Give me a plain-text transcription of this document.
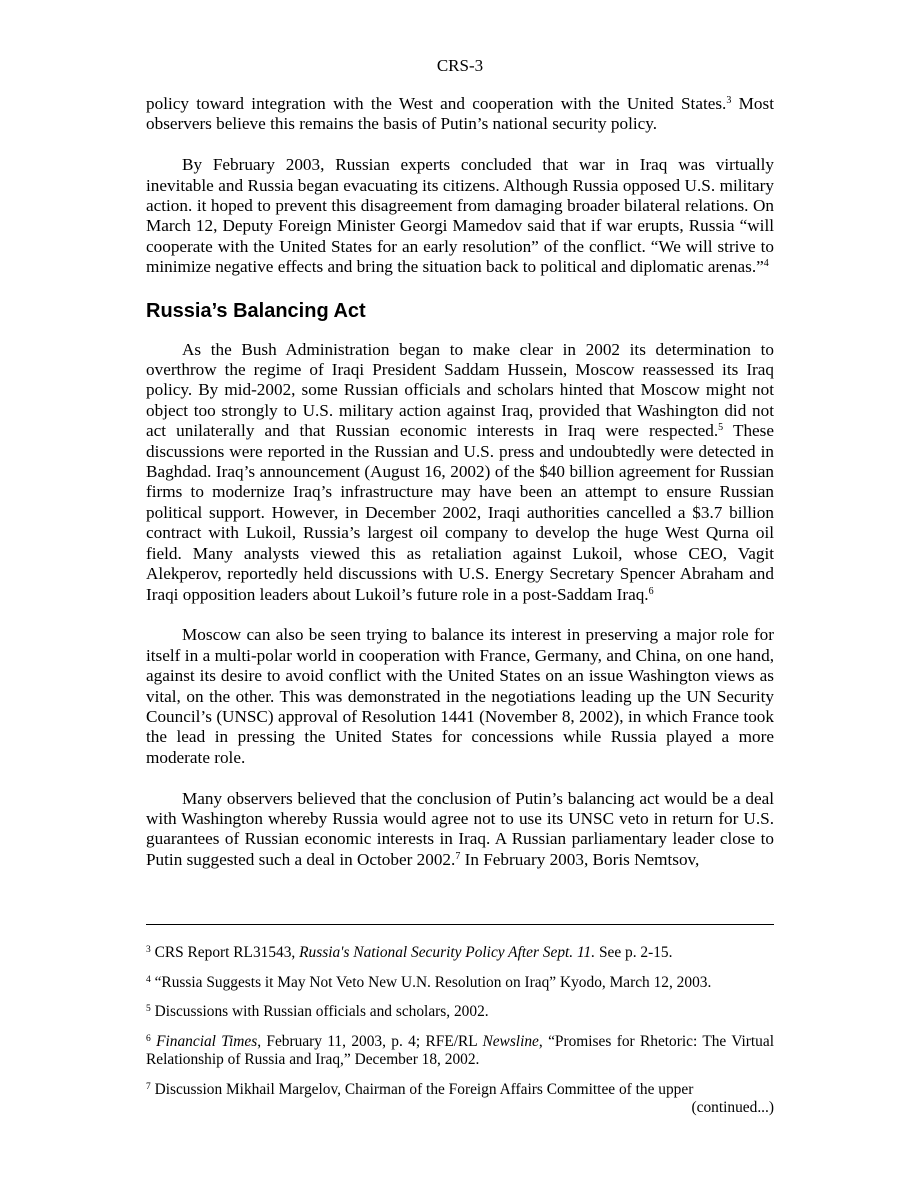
CRS-3

policy toward integration with the West and cooperation with the United States.$^3$ Most observers believe this remains the basis of Putin’s national security policy.

By February 2003, Russian experts concluded that war in Iraq was virtually inevitable and Russia began evacuating its citizens. Although Russia opposed U.S. military action. it hoped to prevent this disagreement from damaging broader bilateral relations. On March 12, Deputy Foreign Minister Georgi Mamedov said that if war erupts, Russia “will cooperate with the United States for an early resolution” of the conflict. “We will strive to minimize negative effects and bring the situation back to political and diplomatic arenas.”$^4$

Russia’s Balancing Act

As the Bush Administration began to make clear in 2002 its determination to overthrow the regime of Iraqi President Saddam Hussein, Moscow reassessed its Iraq policy. By mid-2002, some Russian officials and scholars hinted that Moscow might not object too strongly to U.S. military action against Iraq, provided that Washington did not act unilaterally and that Russian economic interests in Iraq were respected.$^5$ These discussions were reported in the Russian and U.S. press and undoubtedly were detected in Baghdad. Iraq’s announcement (August 16, 2002) of the $40 billion agreement for Russian firms to modernize Iraq’s infrastructure may have been an attempt to ensure Russian political support. However, in December 2002, Iraqi authorities cancelled a $3.7 billion contract with Lukoil, Russia’s largest oil company to develop the huge West Qurna oil field. Many analysts viewed this as retaliation against Lukoil, whose CEO, Vagit Alekperov, reportedly held discussions with U.S. Energy Secretary Spencer Abraham and Iraqi opposition leaders about Lukoil’s future role in a post-Saddam Iraq.$^6$

Moscow can also be seen trying to balance its interest in preserving a major role for itself in a multi-polar world in cooperation with France, Germany, and China, on one hand, against its desire to avoid conflict with the United States on an issue Washington views as vital, on the other. This was demonstrated in the negotiations leading up the UN Security Council’s (UNSC) approval of Resolution 1441 (November 8, 2002), in which France took the lead in pressing the United States for concessions while Russia played a more moderate role.

Many observers believed that the conclusion of Putin’s balancing act would be a deal with Washington whereby Russia would agree not to use its UNSC veto in return for U.S. guarantees of Russian economic interests in Iraq. A Russian parliamentary leader close to Putin suggested such a deal in October 2002.$^7$ In February 2003, Boris Nemtsov,

$^3$ CRS Report RL31543, Russia's National Security Policy After Sept. 11. See p. 2-15.

$^4$ “Russia Suggests it May Not Veto New U.N. Resolution on Iraq” Kyodo, March 12, 2003.

$^5$ Discussions with Russian officials and scholars, 2002.

$^6$ Financial Times, February 11, 2003, p. 4; RFE/RL Newsline, “Promises for Rhetoric: The Virtual Relationship of Russia and Iraq,” December 18, 2002.

$^7$ Discussion Mikhail Margelov, Chairman of the Foreign Affairs Committee of the upper

(continued...)
